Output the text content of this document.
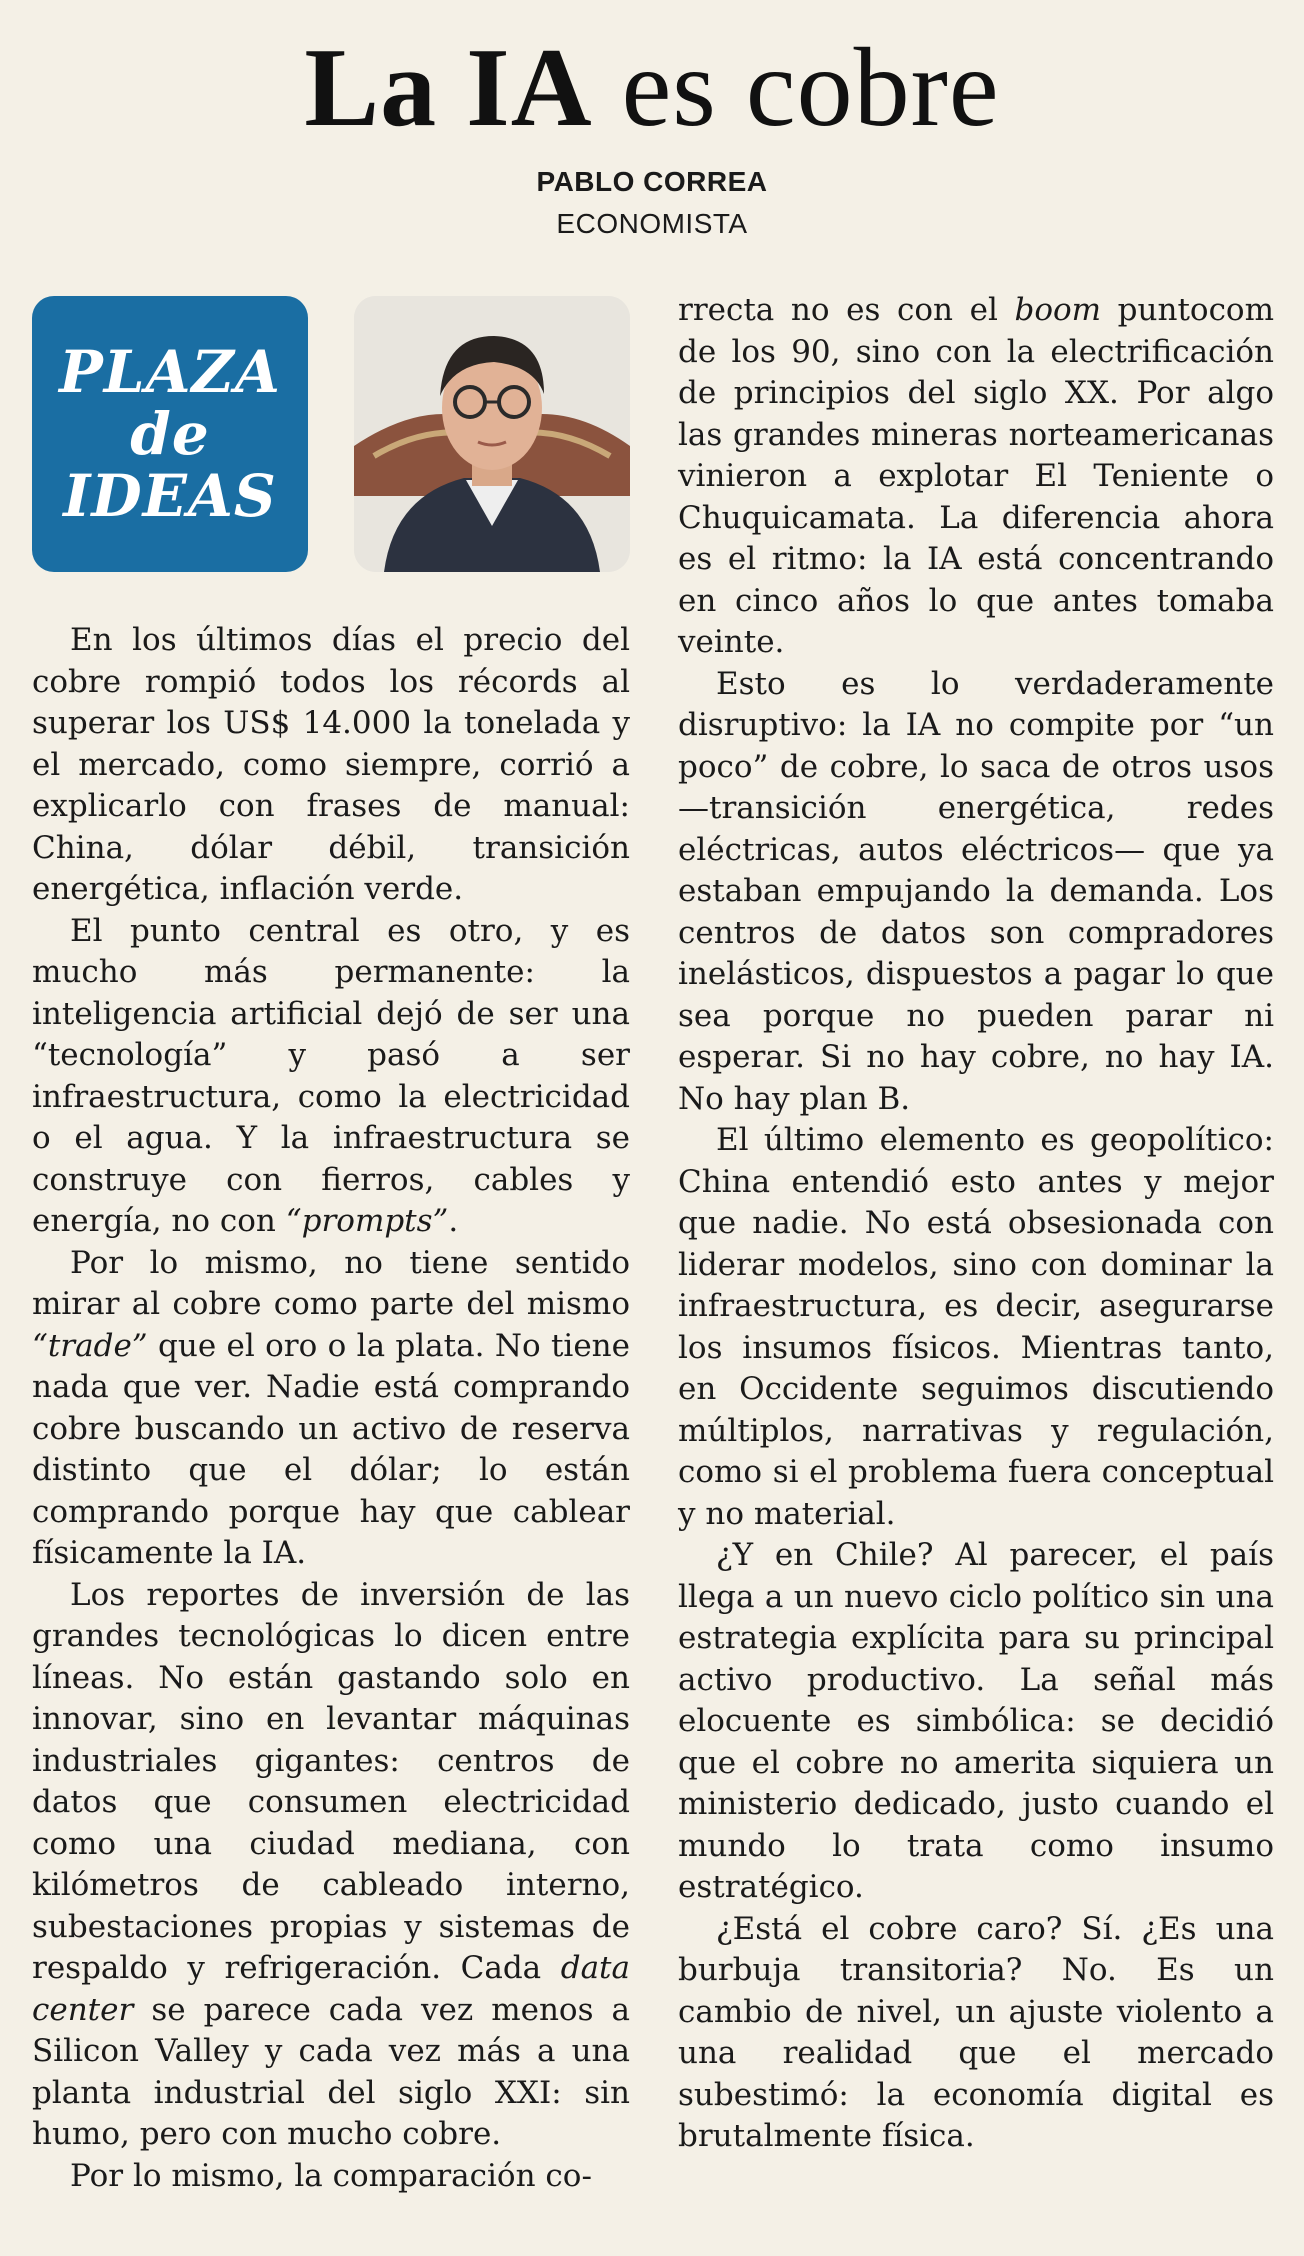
La IA es cobre
PABLO CORREA
ECONOMISTA
PLAZA
de
IDEAS

En los últimos días el precio del cobre rompió todos los récords al superar los US$ 14.000 la tonelada y el mercado, como siempre, corrió a explicarlo con frases de manual: China, dólar débil, transición energética, inflación verde.

El punto central es otro, y es mucho más permanente: la inteligencia artificial dejó de ser una “tecnología” y pasó a ser infraestructura, como la electricidad o el agua. Y la infraestructura se construye con fierros, cables y energía, no con “prompts”.

Por lo mismo, no tiene sentido mirar al cobre como parte del mismo “trade” que el oro o la plata. No tiene nada que ver. Nadie está comprando cobre buscando un activo de reserva distinto que el dólar; lo están comprando porque hay que cablear físicamente la IA.

Los reportes de inversión de las grandes tecnológicas lo dicen entre líneas. No están gastando solo en innovar, sino en levantar máquinas industriales gigantes: centros de datos que consumen electricidad como una ciudad mediana, con kilómetros de cableado interno, subestaciones propias y sistemas de respaldo y refrigeración. Cada data center se parece cada vez menos a Silicon Valley y cada vez más a una planta industrial del siglo XXI: sin humo, pero con mucho cobre.

Por lo mismo, la comparación co-

rrecta no es con el boom puntocom de los 90, sino con la electrificación de principios del siglo XX. Por algo las grandes mineras norteamericanas vinieron a explotar El Teniente o Chuquicamata. La diferencia ahora es el ritmo: la IA está concentrando en cinco años lo que antes tomaba veinte.

Esto es lo verdaderamente disruptivo: la IA no compite por “un poco” de cobre, lo saca de otros usos —transición energética, redes eléctricas, autos eléctricos— que ya estaban empujando la demanda. Los centros de datos son compradores inelásticos, dispuestos a pagar lo que sea porque no pueden parar ni esperar. Si no hay cobre, no hay IA. No hay plan B.

El último elemento es geopolítico: China entendió esto antes y mejor que nadie. No está obsesionada con liderar modelos, sino con dominar la infraestructura, es decir, asegurarse los insumos físicos. Mientras tanto, en Occidente seguimos discutiendo múltiplos, narrativas y regulación, como si el problema fuera conceptual y no material.

¿Y en Chile? Al parecer, el país llega a un nuevo ciclo político sin una estrategia explícita para su principal activo productivo. La señal más elocuente es simbólica: se decidió que el cobre no amerita siquiera un ministerio dedicado, justo cuando el mundo lo trata como insumo estratégico.

¿Está el cobre caro? Sí. ¿Es una burbuja transitoria? No. Es un cambio de nivel, un ajuste violento a una realidad que el mercado subestimó: la economía digital es brutalmente física.
